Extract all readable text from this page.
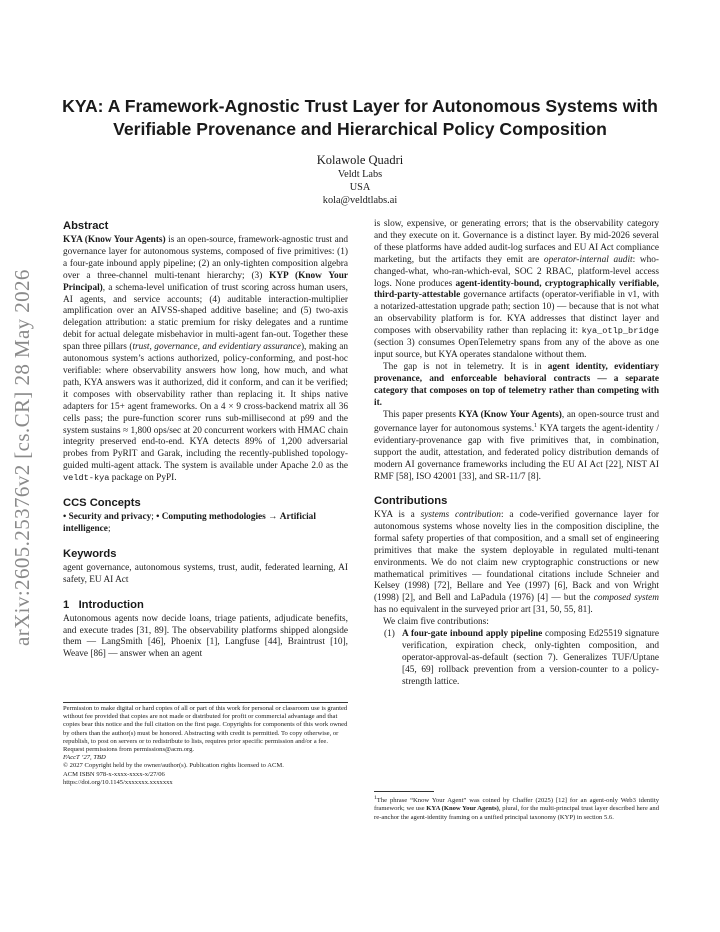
arXiv:2605.25376v2 [cs.CR] 28 May 2026
KYA: A Framework-Agnostic Trust Layer for Autonomous Systems with Verifiable Provenance and Hierarchical Policy Composition
Kolawole Quadri
Veldt Labs
USA
kola@veldtlabs.ai
Abstract

KYA (Know Your Agents) is an open-source, framework-agnostic trust and governance layer for autonomous systems, composed of five primitives: (1) a four-gate inbound apply pipeline; (2) an only-tighten composition algebra over a three-channel multi-tenant hierarchy; (3) KYP (Know Your Principal), a schema-level unification of trust scoring across human users, AI agents, and service accounts; (4) auditable interaction-multiplier amplification over an AIVSS-shaped additive baseline; and (5) two-axis delegation attribution: a static premium for risky delegates and a runtime debit for actual delegate misbehavior in multi-agent fan-out. Together these span three pillars (trust, governance, and evidentiary assurance), making an autonomous system’s actions authorized, policy-conforming, and post-hoc verifiable: where observability answers how long, how much, and what path, KYA answers was it authorized, did it conform, and can it be verified; it composes with observability rather than replacing it. It ships native adapters for 15+ agent frameworks. On a 4 × 9 cross-backend matrix all 36 cells pass; the pure-function scorer runs sub-millisecond at p99 and the system sustains ≈ 1,800 ops/sec at 20 concurrent workers with HMAC chain integrity preserved end-to-end. KYA detects 89% of 1,200 adversarial probes from PyRIT and Garak, including the recently-published topology-guided multi-agent attack. The system is available under Apache 2.0 as the veldt-kya package on PyPI.

CCS Concepts

• Security and privacy; • Computing methodologies → Artificial intelligence;

Keywords

agent governance, autonomous systems, trust, audit, federated learning, AI safety, EU AI Act

1 Introduction

Autonomous agents now decide loans, triage patients, adjudicate benefits, and execute trades [31, 89]. The observability platforms shipped alongside them — LangSmith [46], Phoenix [1], Langfuse [44], Braintrust [10], Weave [86] — answer when an agent

Permission to make digital or hard copies of all or part of this work for personal or classroom use is granted without fee provided that copies are not made or distributed for profit or commercial advantage and that copies bear this notice and the full citation on the first page. Copyrights for components of this work owned by others than the author(s) must be honored. Abstracting with credit is permitted. To copy otherwise, or republish, to post on servers or to redistribute to lists, requires prior specific permission and/or a fee. Request permissions from permissions@acm.org.
FAccT ’27, TBD
© 2027 Copyright held by the owner/author(s). Publication rights licensed to ACM.
ACM ISBN 978-x-xxxx-xxxx-x/27/06
https://doi.org/10.1145/xxxxxxx.xxxxxxx

is slow, expensive, or generating errors; that is the observability category and they execute on it. Governance is a distinct layer. By mid-2026 several of these platforms have added audit-log surfaces and EU AI Act compliance marketing, but the artifacts they emit are operator-internal audit: who-changed-what, who-ran-which-eval, SOC 2 RBAC, platform-level access logs. None produces agent-identity-bound, cryptographically verifiable, third-party-attestable governance artifacts (operator-verifiable in v1, with a notarized-attestation upgrade path; section 10) — because that is not what an observability platform is for. KYA addresses that distinct layer and composes with observability rather than replacing it: kya_otlp_bridge (section 3) consumes OpenTelemetry spans from any of the above as one input source, but KYA operates standalone without them.

The gap is not in telemetry. It is in agent identity, evidentiary provenance, and enforceable behavioral contracts — a separate category that composes on top of telemetry rather than competing with it.

This paper presents KYA (Know Your Agents), an open-source trust and governance layer for autonomous systems.$^1$ KYA targets the agent-identity / evidentiary-provenance gap with five primitives that, in combination, support the audit, attestation, and federated policy distribution demands of modern AI governance frameworks including the EU AI Act [22], NIST AI RMF [58], ISO 42001 [33], and SR-11/7 [8].

Contributions

KYA is a systems contribution: a code-verified governance layer for autonomous systems whose novelty lies in the composition discipline, the formal safety properties of that composition, and a small set of engineering primitives that make the system deployable in regulated multi-tenant environments. We do not claim new cryptographic constructions or new mathematical primitives — foundational citations include Schneier and Kelsey (1998) [72], Bellare and Yee (1997) [6], Back and von Wright (1998) [2], and Bell and LaPadula (1976) [4] — but the composed system has no equivalent in the surveyed prior art [31, 50, 55, 81].

We claim five contributions:

(1) A four-gate inbound apply pipeline composing Ed25519 signature verification, expiration check, only-tighten composition, and operator-approval-as-default (section 7). Generalizes TUF/Uptane [45, 69] rollback prevention from a version-counter to a policy-strength lattice.
$^1$The phrase “Know Your Agent” was coined by Chaffer (2025) [12] for an agent-only Web3 identity framework; we use KYA (Know Your Agents), plural, for the multi-principal trust layer described here and re-anchor the agent-identity framing on a unified principal taxonomy (KYP) in section 5.6.
